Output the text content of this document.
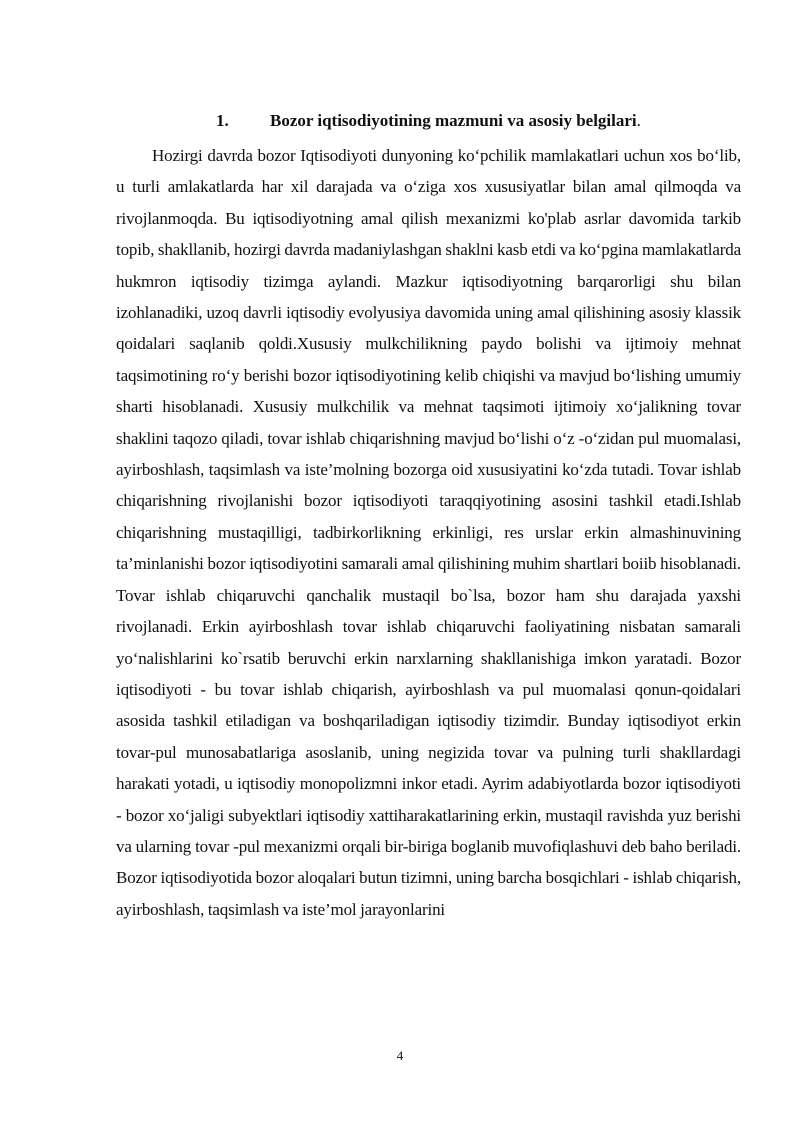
1. Bozor iqtisodiyotining mazmuni va asosiy belgilari.

Hozirgi davrda bozor Iqtisodiyoti dunyoning ko‘pchilik mamlakatlari uchun xos bo‘lib, u turli amlakatlarda har xil darajada va o‘ziga xos xususiyatlar bilan amal qilmoqda va rivojlanmoqda. Bu iqtisodiyotning amal qilish mexanizmi ko'plab asrlar davomida tarkib topib, shakllanib, hozirgi davrda madaniylashgan shaklni kasb etdi va ko‘pgina mamlakatlarda hukmron iqtisodiy tizimga aylandi. Mazkur iqtisodiyotning barqarorligi shu bilan izohlanadiki, uzoq davrli iqtisodiy evolyusiya davomida uning amal qilishining asosiy klassik qoidalari saqlanib qoldi.Xususiy mulkchilikning paydo bolishi va ijtimoiy mehnat taqsimotining ro‘y berishi bozor iqtisodiyotining kelib chiqishi va mavjud bo‘lishing umumiy sharti hisoblanadi. Xususiy mulkchilik va mehnat taqsimoti ijtimoiy xo‘jalikning tovar shaklini taqozo qiladi, tovar ishlab chiqarishning mavjud bo‘lishi o‘z -o‘zidan pul muomalasi, ayirboshlash, taqsimlash va iste’molning bozorga oid xususiyatini ko‘zda tutadi. Tovar ishlab chiqarishning rivojlanishi bozor iqtisodiyoti taraqqiyotining asosini tashkil etadi.Ishlab chiqarishning mustaqilligi, tadbirkorlikning erkinligi, res urslar erkin almashinuvining ta’minlanishi bozor iqtisodiyotini samarali amal qilishining muhim shartlari boiib hisoblanadi. Tovar ishlab chiqaruvchi qanchalik mustaqil bo`lsa, bozor ham shu darajada yaxshi rivojlanadi. Erkin ayirboshlash tovar ishlab chiqaruvchi faoliyatining nisbatan samarali yo‘nalishlarini ko`rsatib beruvchi erkin narxlarning shakllanishiga imkon yaratadi. Bozor iqtisodiyoti - bu tovar ishlab chiqarish, ayirboshlash va pul muomalasi qonun-qoidalari asosida tashkil etiladigan va boshqariladigan iqtisodiy tizimdir. Bunday iqtisodiyot erkin tovar-pul munosabatlariga asoslanib, uning negizida tovar va pulning turli shakllardagi harakati yotadi, u iqtisodiy monopolizmni inkor etadi. Ayrim adabiyotlarda bozor iqtisodiyoti - bozor xo‘jaligi subyektlari iqtisodiy xattiharakatlarining erkin, mustaqil ravishda yuz berishi va ularning tovar -pul mexanizmi orqali bir-biriga boglanib muvofiqlashuvi deb baho beriladi. Bozor iqtisodiyotida bozor aloqalari butun tizimni, uning barcha bosqichlari - ishlab chiqarish, ayirboshlash, taqsimlash va iste’mol jarayonlarini

4
